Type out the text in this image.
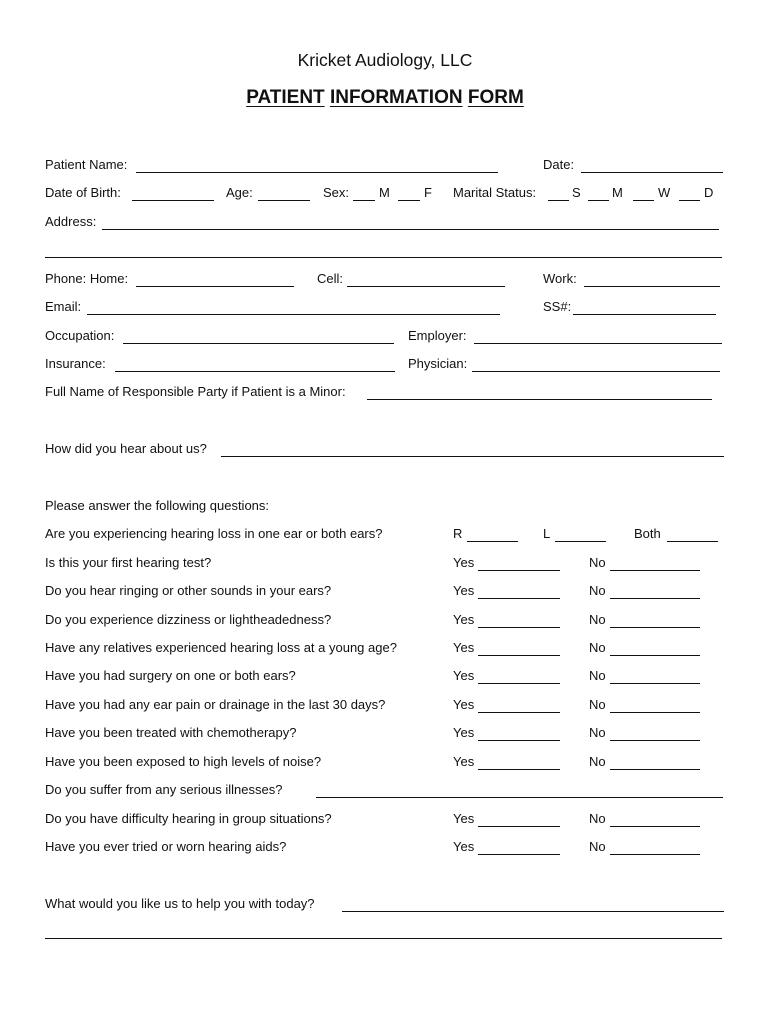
Kricket Audiology, LLC
PATIENT INFORMATION FORM
Patient Name:	Date:
Date of Birth:	Age:	Sex: M	F Marital Status:	S M	W	D
Address:
Phone: Home:	Cell:	Work:
Email:	SS#:
Occupation:	Employer:
Insurance:	Physician:
Full Name of Responsible Party if Patient is a Minor:
How did you hear about us?
Please answer the following questions:
Are you experiencing hearing loss in one ear or both ears?	R	L	Both
Is this your first hearing test?	Yes	No
Do you hear ringing or other sounds in your ears?	Yes	No
Do you experience dizziness or lightheadedness?	Yes	No
Have any relatives experienced hearing loss at a young age?	Yes	No
Have you had surgery on one or both ears?	Yes	No
Have you had any ear pain or drainage in the last 30 days?	Yes	No
Have you been treated with chemotherapy?	Yes	No
Have you been exposed to high levels of noise?	Yes	No
Do you suffer from any serious illnesses?
Do you have difficulty hearing in group situations?	Yes	No
Have you ever tried or worn hearing aids?	Yes	No
What would you like us to help you with today?
